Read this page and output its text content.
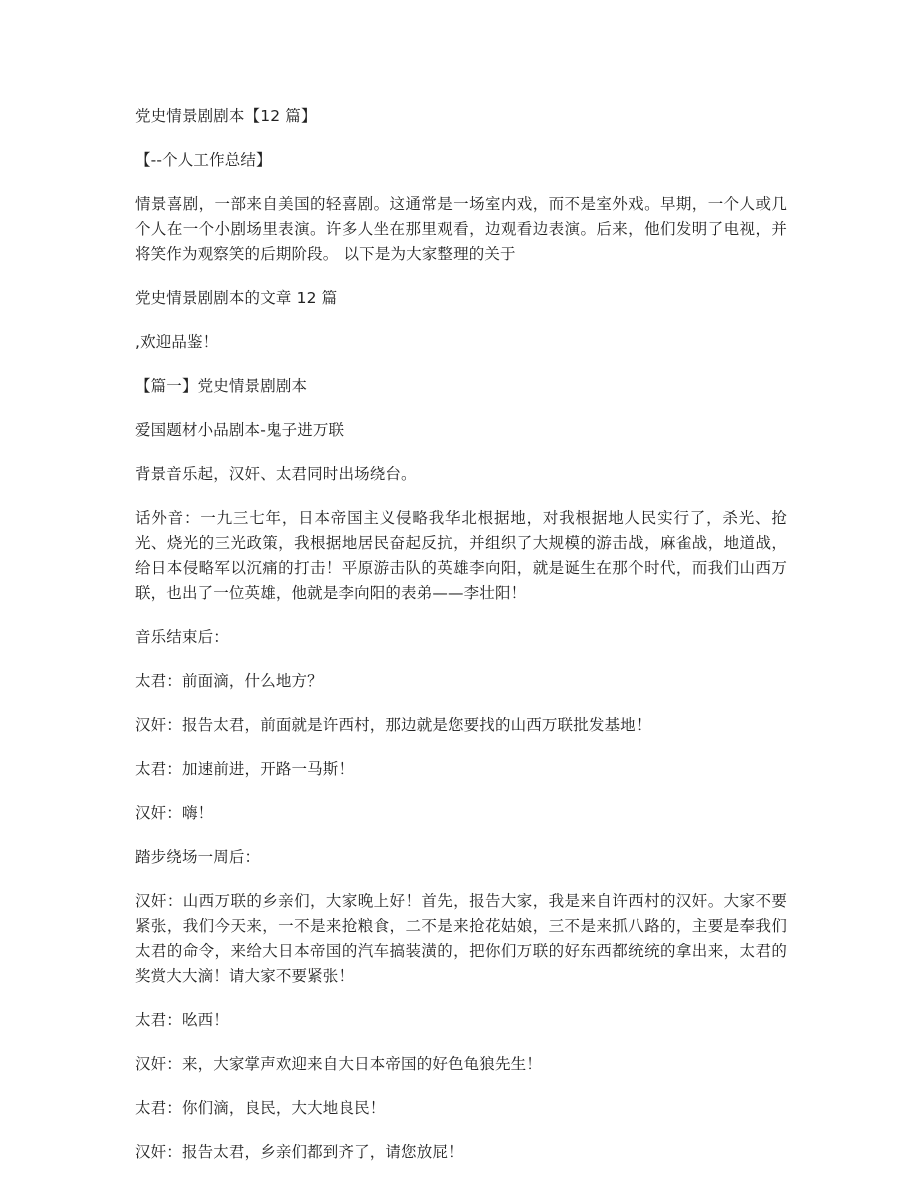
党史情景剧剧本【12 篇】

【--个人工作总结】

情景喜剧，一部来自美国的轻喜剧。这通常是一场室内戏，而不是室外戏。早期，一个人或几个人在一个小剧场里表演。许多人坐在那里观看，边观看边表演。后来，他们发明了电视，并将笑作为观察笑的后期阶段。 以下是为大家整理的关于

党史情景剧剧本的文章 12 篇

,欢迎品鉴！

【篇一】党史情景剧剧本

爱国题材小品剧本-鬼子进万联

背景音乐起，汉奸、太君同时出场绕台。

话外音：一九三七年，日本帝国主义侵略我华北根据地，对我根据地人民实行了，杀光、抢光、烧光的三光政策，我根据地居民奋起反抗，并组织了大规模的游击战，麻雀战，地道战，给日本侵略军以沉痛的打击！平原游击队的英雄李向阳，就是诞生在那个时代，而我们山西万联，也出了一位英雄，他就是李向阳的表弟——李壮阳！

音乐结束后：

太君：前面滴，什么地方？

汉奸：报告太君，前面就是许西村，那边就是您要找的山西万联批发基地！

太君：加速前进，开路一马斯！

汉奸：嗨！

踏步绕场一周后：

汉奸：山西万联的乡亲们，大家晚上好！首先，报告大家，我是来自许西村的汉奸。大家不要紧张，我们今天来，一不是来抢粮食，二不是来抢花姑娘，三不是来抓八路的，主要是奉我们太君的命令，来给大日本帝国的汽车搞装潢的，把你们万联的好东西都统统的拿出来，太君的奖赏大大滴！请大家不要紧张！

太君：吆西！

汉奸：来，大家掌声欢迎来自大日本帝国的好色龟狼先生！

太君：你们滴，良民，大大地良民！

汉奸：报告太君，乡亲们都到齐了，请您放屁！
